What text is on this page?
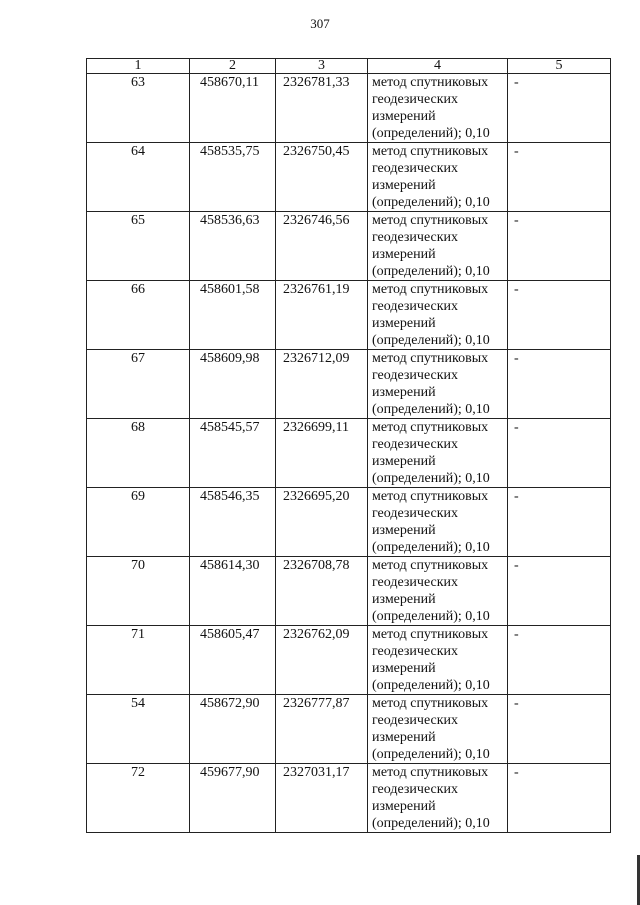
307
1	2	3	4	5
63	458670,11	2326781,33	метод спутниковых
геодезических
измерений
(определений); 0,10	-
64	458535,75	2326750,45	метод спутниковых
геодезических
измерений
(определений); 0,10	-
65	458536,63	2326746,56	метод спутниковых
геодезических
измерений
(определений); 0,10	-
66	458601,58	2326761,19	метод спутниковых
геодезических
измерений
(определений); 0,10	-
67	458609,98	2326712,09	метод спутниковых
геодезических
измерений
(определений); 0,10	-
68	458545,57	2326699,11	метод спутниковых
геодезических
измерений
(определений); 0,10	-
69	458546,35	2326695,20	метод спутниковых
геодезических
измерений
(определений); 0,10	-
70	458614,30	2326708,78	метод спутниковых
геодезических
измерений
(определений); 0,10	-
71	458605,47	2326762,09	метод спутниковых
геодезических
измерений
(определений); 0,10	-
54	458672,90	2326777,87	метод спутниковых
геодезических
измерений
(определений); 0,10	-
72	459677,90	2327031,17	метод спутниковых
геодезических
измерений
(определений); 0,10	-
